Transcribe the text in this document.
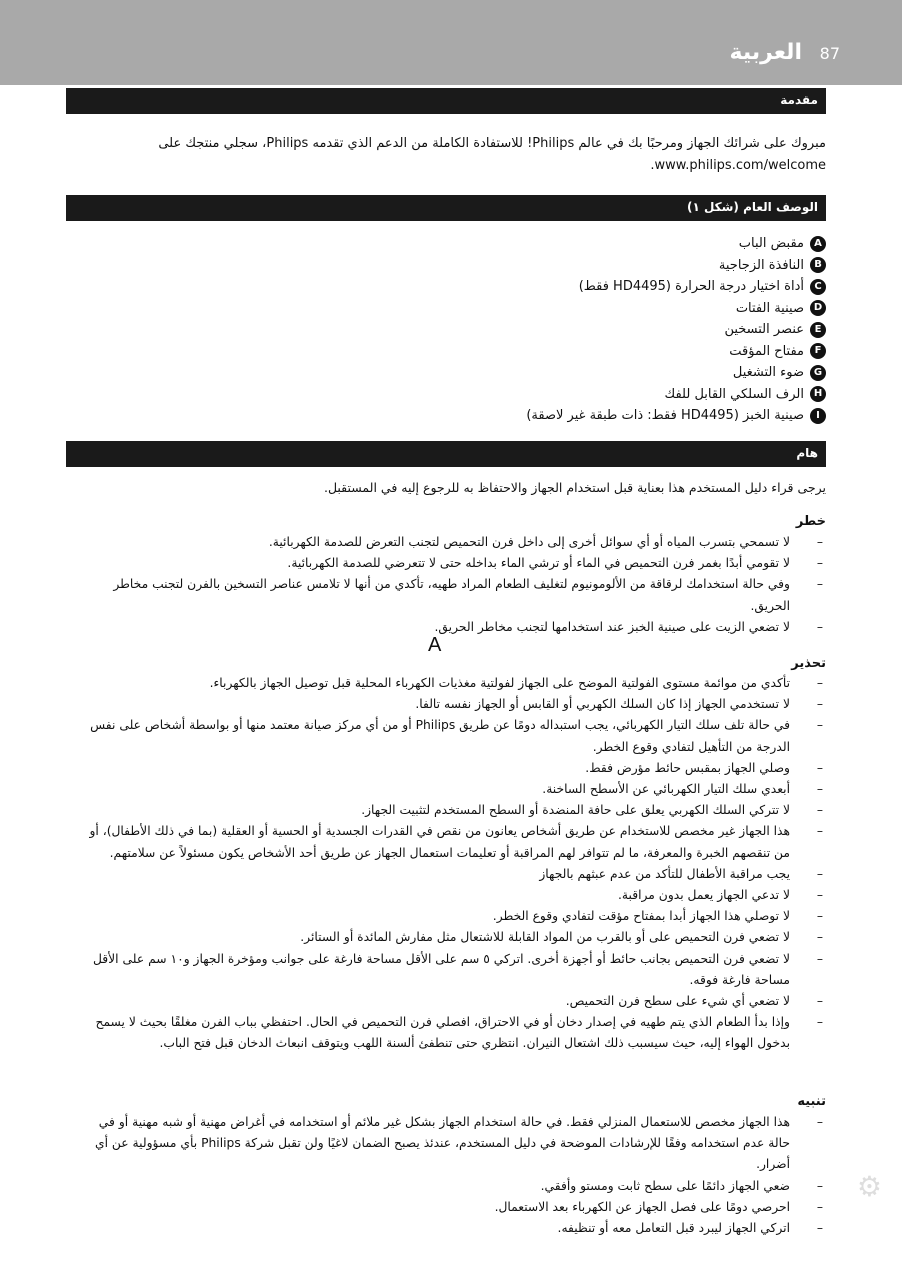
العربية 87
مقدمة
مبروك على شرائك الجهاز ومرحبًا بك في عالم Philips! للاستفادة الكاملة من الدعم الذي تقدمه Philips، سجلي منتجك على www.philips.com/welcome.
الوصف العام (شكل ١)
Aمقبض الباب
Bالنافذة الزجاجية
Cأداة اختيار درجة الحرارة (HD4495 فقط)
Dصينية الفتات
Eعنصر التسخين
Fمفتاح المؤقت
Gضوء التشغيل
Hالرف السلكي القابل للفك
Iصينية الخبز (HD4495 فقط: ذات طبقة غير لاصقة)
هام
يرجى قراء دليل المستخدم هذا بعناية قبل استخدام الجهاز والاحتفاظ به للرجوع إليه في المستقبل.
خطر
–
لا تسمحي بتسرب المياه أو أي سوائل أخرى إلى داخل فرن التحميص لتجنب التعرض للصدمة الكهربائية.
–
لا تقومي أبدًا بغمر فرن التحميص في الماء أو ترشي الماء بداخله حتى لا تتعرضي للصدمة الكهربائية.
–
وفي حالة استخدامك لرقاقة من الألومونيوم لتغليف الطعام المراد طهيه، تأكدي من أنها لا تلامس عناصر التسخين بالفرن لتجنب مخاطر الحريق.
–
لا تضعي الزيت على صينية الخبز عند استخدامها لتجنب مخاطر الحريق.
A
تحذير
–
تأكدي من موائمة مستوى الفولتية الموضح على الجهاز لفولتية مغذيات الكهرباء المحلية قبل توصيل الجهاز بالكهرباء.
–
لا تستخدمي الجهاز إذا كان السلك الكهربي أو القابس أو الجهاز نفسه تالفا.
–
في حالة تلف سلك التيار الكهربائي، يجب استبداله دومًا عن طريق Philips أو من أي مركز صيانة معتمد منها أو بواسطة أشخاص على نفس الدرجة من التأهيل لتفادي وقوع الخطر.
–
وصلي الجهاز بمقبس حائط مؤرض فقط.
–
أبعدي سلك التيار الكهربائي عن الأسطح الساخنة.
–
لا تتركي السلك الكهربي يعلق على حافة المنضدة أو السطح المستخدم لتثبيت الجهاز.
–
هذا الجهاز غير مخصص للاستخدام عن طريق أشخاص يعانون من نقص في القدرات الجسدية أو الحسية أو العقلية (بما في ذلك الأطفال)، أو من تنقصهم الخبرة والمعرفة، ما لم تتوافر لهم المراقبة أو تعليمات استعمال الجهاز عن طريق أحد الأشخاص يكون مسئولاً عن سلامتهم.
–
يجب مراقبة الأطفال للتأكد من عدم عبثهم بالجهاز
–
لا تدعي الجهاز يعمل بدون مراقبة.
–
لا توصلي هذا الجهاز أبدا بمفتاح مؤقت لتفادي وقوع الخطر.
–
لا تضعي فرن التحميص على أو بالقرب من المواد القابلة للاشتعال مثل مفارش المائدة أو الستائر.
–
لا تضعي فرن التحميص بجانب حائط أو أجهزة أخرى. اتركي ٥ سم على الأقل مساحة فارغة على جوانب ومؤخرة الجهاز و١٠ سم على الأقل مساحة فارغة فوقه.
–
لا تضعي أي شيء على سطح فرن التحميص.
–
وإذا بدأ الطعام الذي يتم طهيه في إصدار دخان أو في الاحتراق، افصلي فرن التحميص في الحال. احتفظي بباب الفرن مغلقًا بحيث لا يسمح بدخول الهواء إليه، حيث سيسبب ذلك اشتعال النيران. انتظري حتى تنطفئ ألسنة اللهب ويتوقف انبعاث الدخان قبل فتح الباب.
تنبيه
–
هذا الجهاز مخصص للاستعمال المنزلي فقط. في حالة استخدام الجهاز بشكل غير ملائم أو استخدامه في أغراض مهنية أو شبه مهنية أو في حالة عدم استخدامه وفقًا للإرشادات الموضحة في دليل المستخدم، عندئذ يصبح الضمان لاغيًا ولن تقبل شركة Philips بأي مسؤولية عن أي أضرار.
–
ضعي الجهاز دائمًا على سطح ثابت ومستو وأفقي.
–
احرصي دومًا على فصل الجهاز عن الكهرباء بعد الاستعمال.
–
اتركي الجهاز ليبرد قبل التعامل معه أو تنظيفه.
⚙
